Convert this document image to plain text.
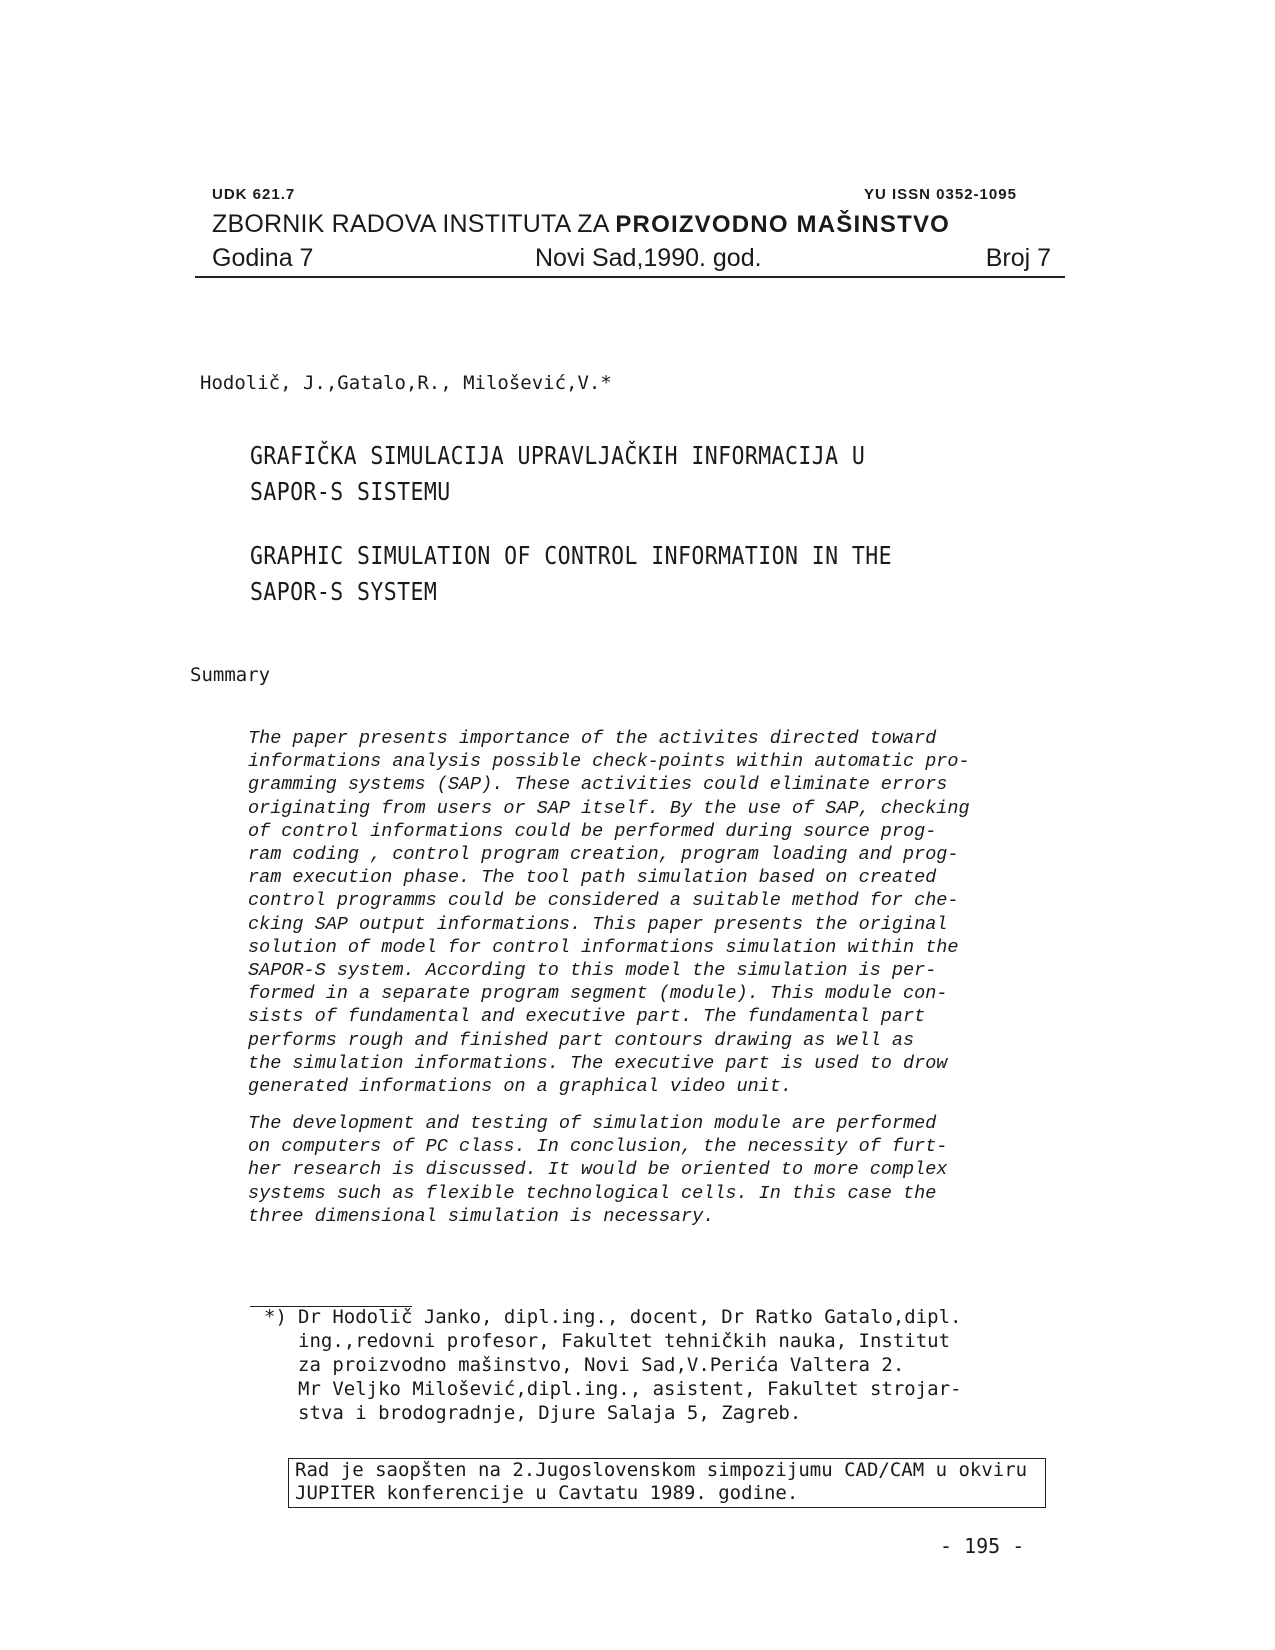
UDK 621.7	YU ISSN 0352-1095
ZBORNIK RADOVA INSTITUTA ZA PROIZVODNO MAŠINSTVO
Godina 7	Novi Sad,1990. god.	Broj 7
Hodolič, J.,Gatalo,R., Milošević,V.*
GRAFIČKA SIMULACIJA UPRAVLJAČKIH INFORMACIJA U
SAPOR-S SISTEMU
GRAPHIC SIMULATION OF CONTROL INFORMATION IN THE
SAPOR-S SYSTEM
Summary
The paper presents importance of the activites directed toward
informations analysis possible check-points within automatic pro-
gramming systems (SAP). These activities could eliminate errors
originating from users or SAP itself. By the use of SAP, checking
of control informations could be performed during source prog-
ram coding , control program creation, program loading and prog-
ram execution phase. The tool path simulation based on created
control programms could be considered a suitable method for che-
cking SAP output informations. This paper presents the original
solution of model for control informations simulation within the
SAPOR-S system. According to this model the simulation is per-
formed in a separate program segment (module). This module con-
sists of fundamental and executive part. The fundamental part
performs rough and finished part contours drawing as well as
the simulation informations. The executive part is used to drow
generated informations on a graphical video unit.
The development and testing of simulation module are performed
on computers of PC class. In conclusion, the necessity of furt-
her research is discussed. It would be oriented to more complex
systems such as flexible technological cells. In this case the
three dimensional simulation is necessary.
*) Dr Hodolič Janko, dipl.ing., docent, Dr Ratko Gatalo,dipl.
ing.,redovni profesor, Fakultet tehničkih nauka, Institut
za proizvodno mašinstvo, Novi Sad,V.Perića Valtera 2.
Mr Veljko Milošević,dipl.ing., asistent, Fakultet strojar-
stva i brodogradnje, Djure Salaja 5, Zagreb.
Rad je saopšten na 2.Jugoslovenskom simpozijumu CAD/CAM u okviru
JUPITER konferencije u Cavtatu 1989. godine.
- 195 -
